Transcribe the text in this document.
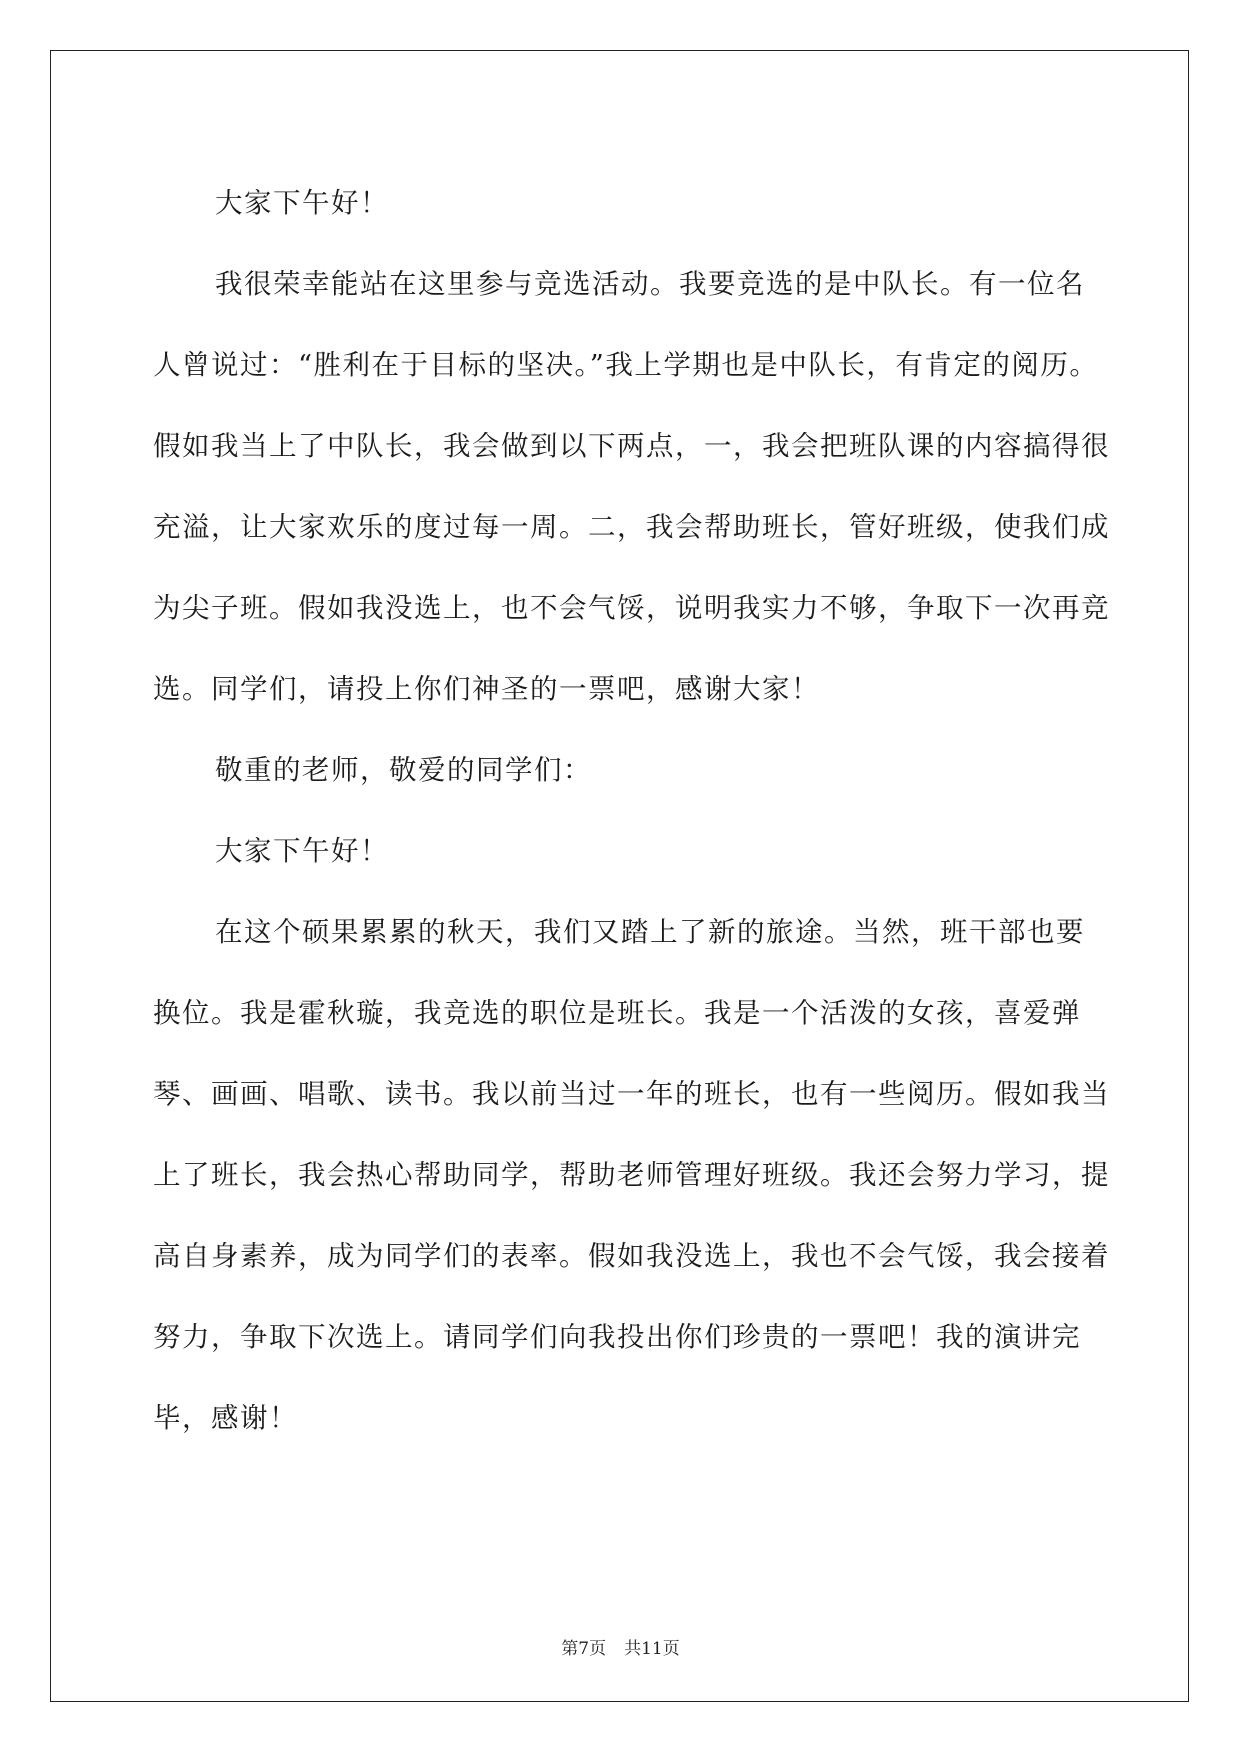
大家下午好！

我很荣幸能站在这里参与竞选活动。我要竞选的是中队长。有一位名人曾说过：“胜利在于目标的坚决。”我上学期也是中队长，有肯定的阅历。假如我当上了中队长，我会做到以下两点，一，我会把班队课的内容搞得很充溢，让大家欢乐的度过每一周。二，我会帮助班长，管好班级，使我们成为尖子班。假如我没选上，也不会气馁，说明我实力不够，争取下一次再竞选。同学们，请投上你们神圣的一票吧，感谢大家！

敬重的老师，敬爱的同学们：

大家下午好！

在这个硕果累累的秋天，我们又踏上了新的旅途。当然，班干部也要换位。我是霍秋璇，我竞选的职位是班长。我是一个活泼的女孩，喜爱弹琴、画画、唱歌、读书。我以前当过一年的班长，也有一些阅历。假如我当上了班长，我会热心帮助同学，帮助老师管理好班级。我还会努力学习，提高自身素养，成为同学们的表率。假如我没选上，我也不会气馁，我会接着努力，争取下次选上。请同学们向我投出你们珍贵的一票吧！我的演讲完毕，感谢！

第7页 共11页
